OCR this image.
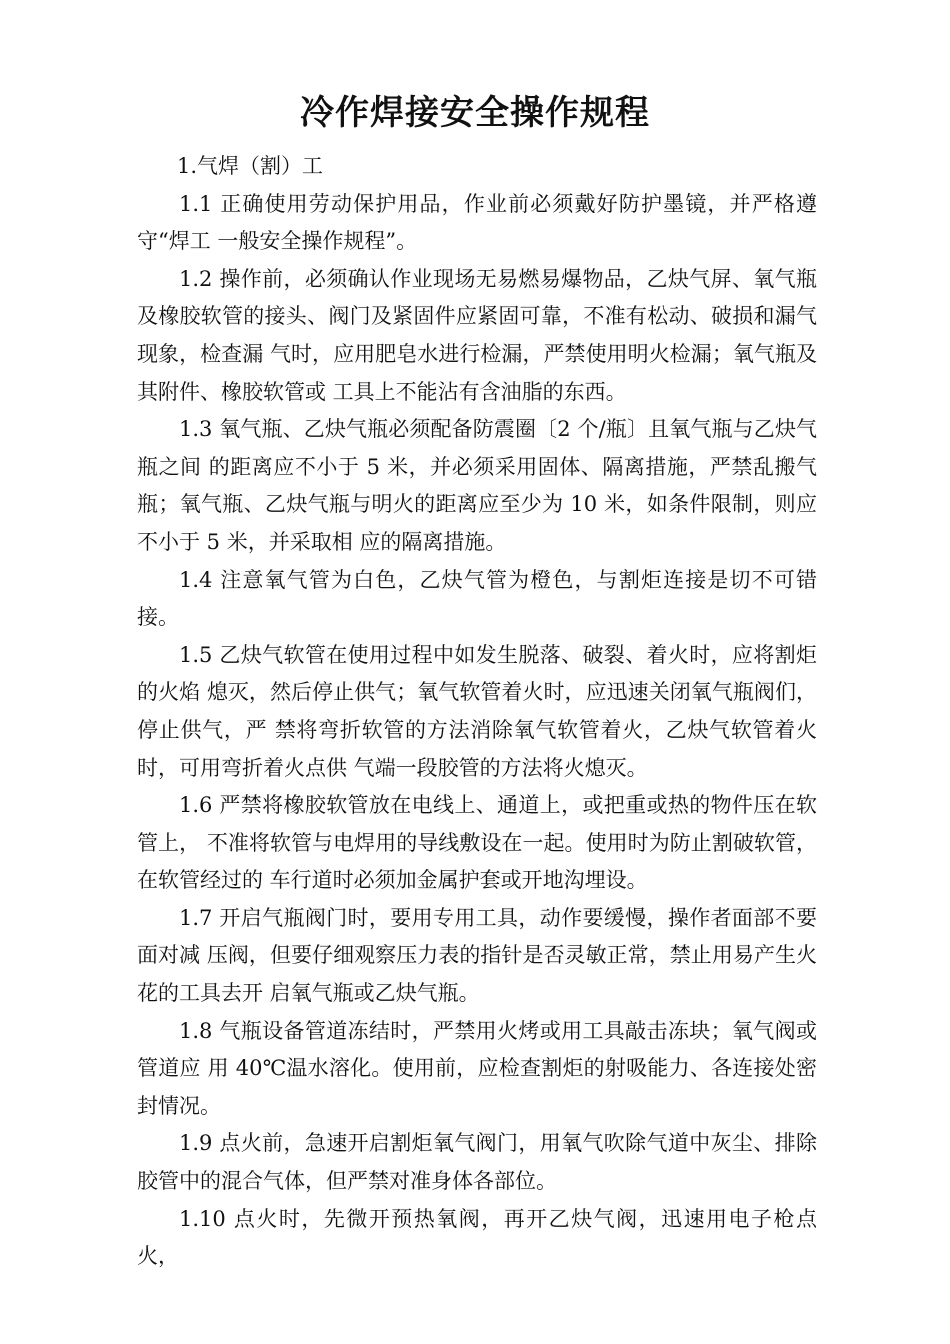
冷作焊接安全操作规程

1.气焊（割）工

1.1 正确使用劳动保护用品，作业前必须戴好防护墨镜，并严格遵守“焊工 一般安全操作规程”。

1.2 操作前，必须确认作业现场无易燃易爆物品，乙炔气屏、氧气瓶及橡胶软管的接头、阀门及紧固件应紧固可靠，不准有松动、破损和漏气现象，检查漏 气时，应用肥皂水进行检漏，严禁使用明火检漏；氧气瓶及其附件、橡胶软管或 工具上不能沾有含油脂的东西。

1.3 氧气瓶、乙炔气瓶必须配备防震圈〔2 个/瓶〕且氧气瓶与乙炔气瓶之间 的距离应不小于 5 米，并必须采用固体、隔离措施，严禁乱搬气瓶；氧气瓶、乙炔气瓶与明火的距离应至少为 10 米，如条件限制，则应不小于 5 米，并采取相 应的隔离措施。

1.4 注意氧气管为白色，乙炔气管为橙色，与割炬连接是切不可错接。

1.5 乙炔气软管在使用过程中如发生脱落、破裂、着火时，应将割炬的火焰 熄灭，然后停止供气；氧气软管着火时，应迅速关闭氧气瓶阀们，停止供气，严 禁将弯折软管的方法消除氧气软管着火，乙炔气软管着火时，可用弯折着火点供 气端一段胶管的方法将火熄灭。

1.6 严禁将橡胶软管放在电线上、通道上，或把重或热的物件压在软管上， 不准将软管与电焊用的导线敷设在一起。使用时为防止割破软管，在软管经过的 车行道时必须加金属护套或开地沟埋设。

1.7 开启气瓶阀门时，要用专用工具，动作要缓慢，操作者面部不要面对减 压阀，但要仔细观察压力表的指针是否灵敏正常，禁止用易产生火花的工具去开 启氧气瓶或乙炔气瓶。

1.8 气瓶设备管道冻结时，严禁用火烤或用工具敲击冻块；氧气阀或管道应 用 40℃温水溶化。使用前，应检查割炬的射吸能力、各连接处密封情况。

1.9 点火前，急速开启割炬氧气阀门，用氧气吹除气道中灰尘、排除胶管中的混合气体，但严禁对准身体各部位。

1.10 点火时，先微开预热氧阀，再开乙炔气阀，迅速用电子枪点火，
